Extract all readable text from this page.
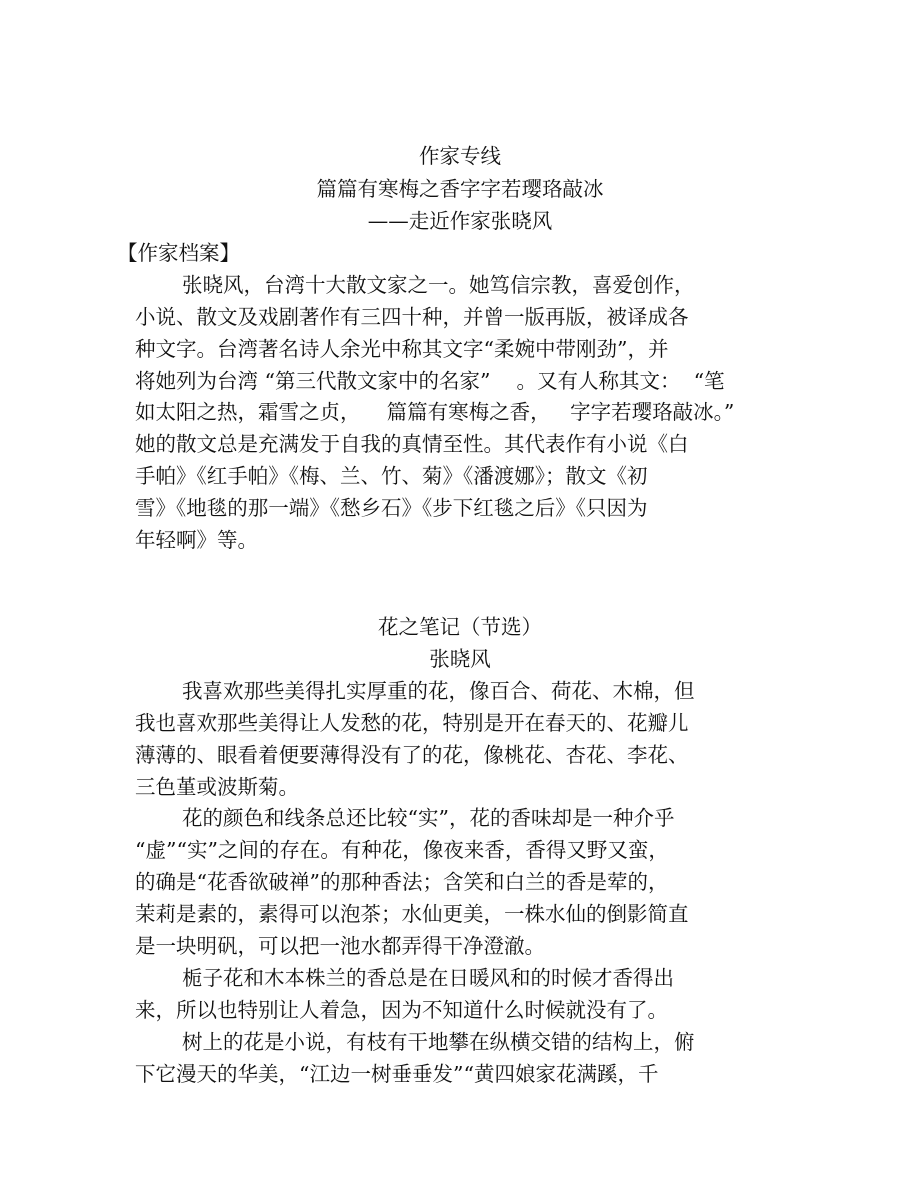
作家专线
篇篇有寒梅之香字字若璎珞敲冰
——走近作家张晓风
【作家档案】
张晓风，台湾十大散文家之一。她笃信宗教，喜爱创作，
小说、散文及戏剧著作有三四十种，并曾一版再版，被译成各
种文字。台湾著名诗人余光中称其文字“柔婉中带刚劲”，并
将她列为台湾 “第三代散文家中的名家”    。又有人称其文：  “笔
如太阳之热，霜雪之贞，    篇篇有寒梅之香，   字字若璎珞敲冰。”
她的散文总是充满发于自我的真情至性。其代表作有小说《白
手帕》《红手帕》《梅、兰、竹、菊》《潘渡娜》；散文《初
雪》《地毯的那一端》《愁乡石》《步下红毯之后》《只因为
年轻啊》等。
花之笔记（节选）
张晓风
我喜欢那些美得扎实厚重的花，像百合、荷花、木棉，但
我也喜欢那些美得让人发愁的花，特别是开在春天的、花瓣儿
薄薄的、眼看着便要薄得没有了的花，像桃花、杏花、李花、
三色堇或波斯菊。
花的颜色和线条总还比较“实”，花的香味却是一种介乎
“虚”“实”之间的存在。有种花，像夜来香，香得又野又蛮，
的确是“花香欲破禅”的那种香法；含笑和白兰的香是荤的，
茉莉是素的，素得可以泡茶；水仙更美，一株水仙的倒影简直
是一块明矾，可以把一池水都弄得干净澄澈。
栀子花和木本株兰的香总是在日暖风和的时候才香得出
来，所以也特别让人着急，因为不知道什么时候就没有了。
树上的花是小说，有枝有干地攀在纵横交错的结构上，俯
下它漫天的华美，“江边一树垂垂发”“黄四娘家花满蹊，千
